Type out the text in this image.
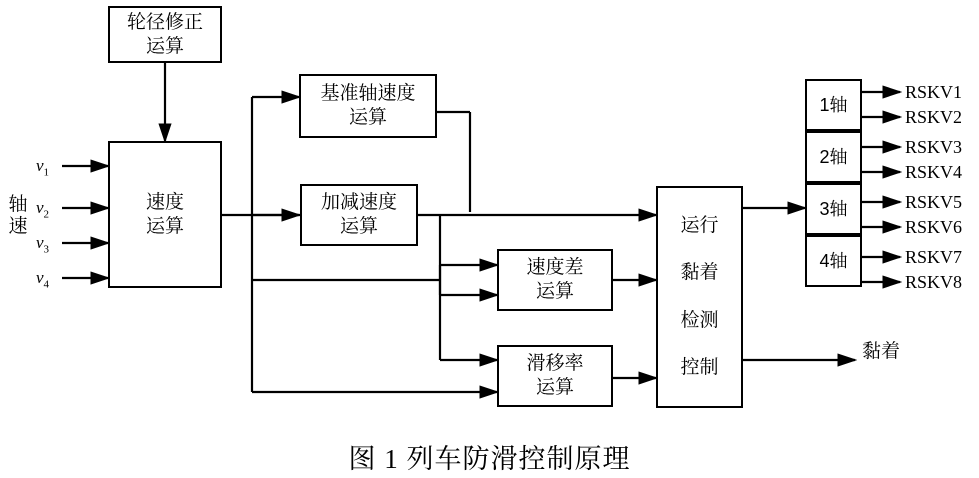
轴
速
$v_1$
$v_2$
$v_3$
$v_4$
轮径修正
运算
速度
运算
基准轴速度
运算
加减速度
运算
速度差
运算
滑移率
运算
运行
黏着
检测
控制
1轴
2轴
3轴
4轴
RSKV1
RSKV2
RSKV3
RSKV4
RSKV5
RSKV6
RSKV7
RSKV8
黏着
图 1 列车防滑控制原理
